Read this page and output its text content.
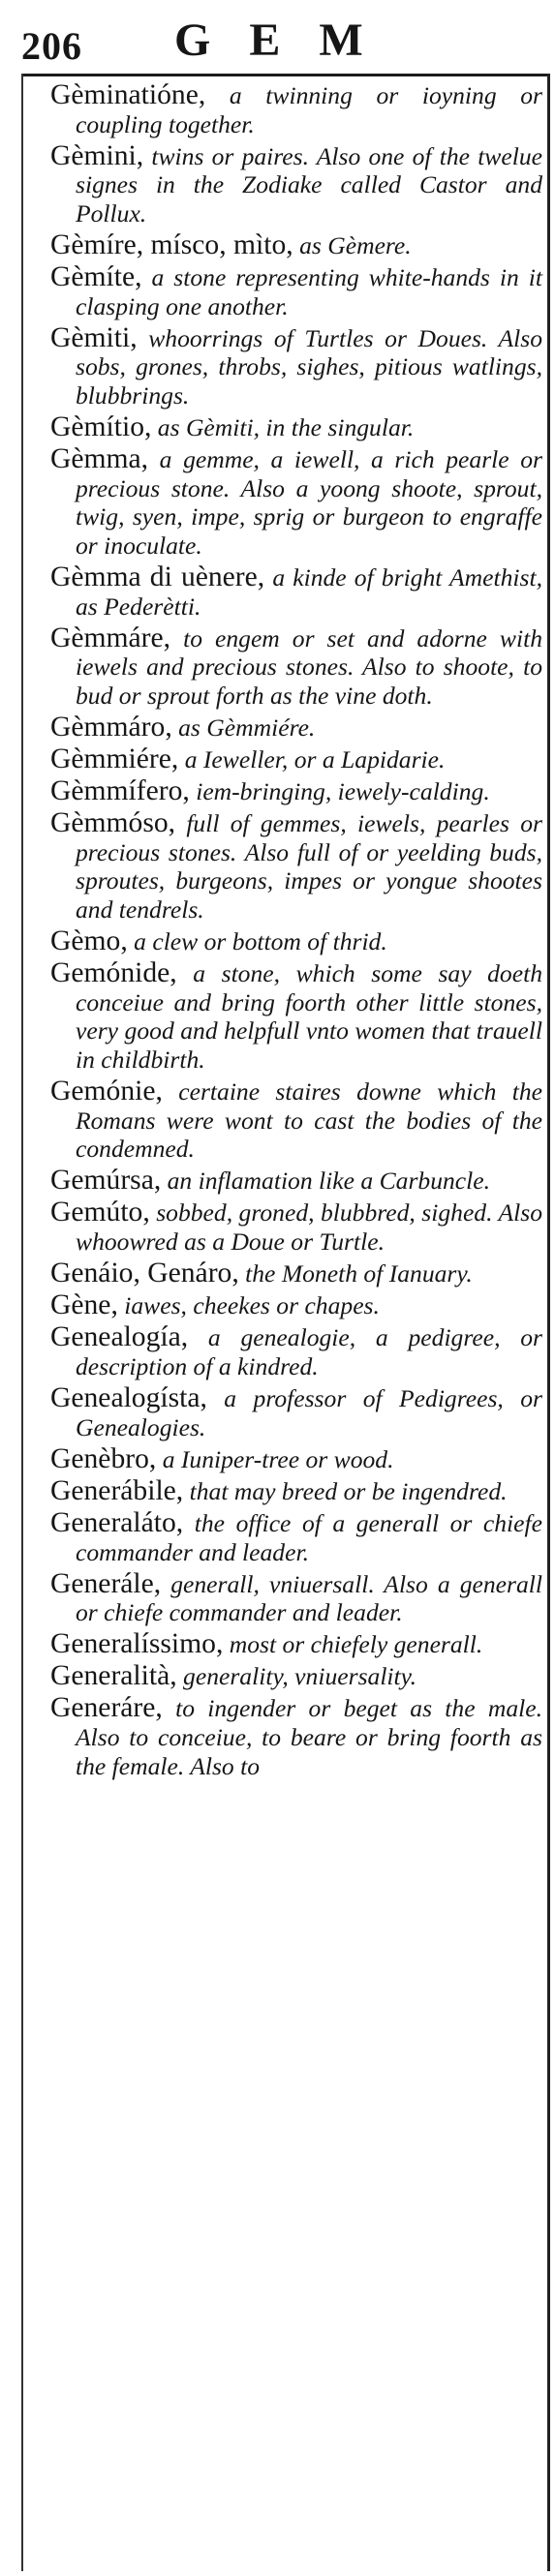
206 GEM

Gèminatióne, a twinning or ioyning or coupling together.

Gèmini, twins or paires. Also one of the twelue signes in the Zodiake called Castor and Pollux.

Gèmíre, mísco, mìto, as Gèmere.

Gèmíte, a stone representing white-hands in it clasping one another.

Gèmiti, whoorrings of Turtles or Doues. Also sobs, grones, throbs, sighes, pitious watlings, blubbrings.

Gèmítio, as Gèmiti, in the singular.

Gèmma, a gemme, a iewell, a rich pearle or precious stone. Also a yoong shoote, sprout, twig, syen, impe, sprig or burgeon to engraffe or inoculate.

Gèmma di uènere, a kinde of bright Amethist, as Pederètti.

Gèmmáre, to engem or set and adorne with iewels and precious stones. Also to shoote, to bud or sprout forth as the vine doth.

Gèmmáro, as Gèmmiére.

Gèmmiére, a Ieweller, or a Lapidarie.

Gèmmífero, iem-bringing, iewely-calding.

Gèmmóso, full of gemmes, iewels, pearles or precious stones. Also full of or yeelding buds, sproutes, burgeons, impes or yongue shootes and tendrels.

Gèmo, a clew or bottom of thrid.

Gemónide, a stone, which some say doeth conceiue and bring foorth other little stones, very good and helpfull vnto women that trauell in childbirth.

Gemónie, certaine staires downe which the Romans were wont to cast the bodies of the condemned.

Gemúrsa, an inflamation like a Carbuncle.

Gemúto, sobbed, groned, blubbred, sighed. Also whoowred as a Doue or Turtle.

Genáio, Genáro, the Moneth of Ianuary.

Gène, iawes, cheekes or chapes.

Genealogía, a genealogie, a pedigree, or description of a kindred.

Genealogísta, a professor of Pedigrees, or Genealogies.

Genèbro, a Iuniper-tree or wood.

Generábile, that may breed or be ingendred.

Generaláto, the office of a generall or chiefe commander and leader.

Generále, generall, vniuersall. Also a generall or chiefe commander and leader.

Generalíssimo, most or chiefely generall.

Generalità, generality, vniuersality.

Generáre, to ingender or beget as the male. Also to conceiue, to beare or bring foorth as the female. Also to
